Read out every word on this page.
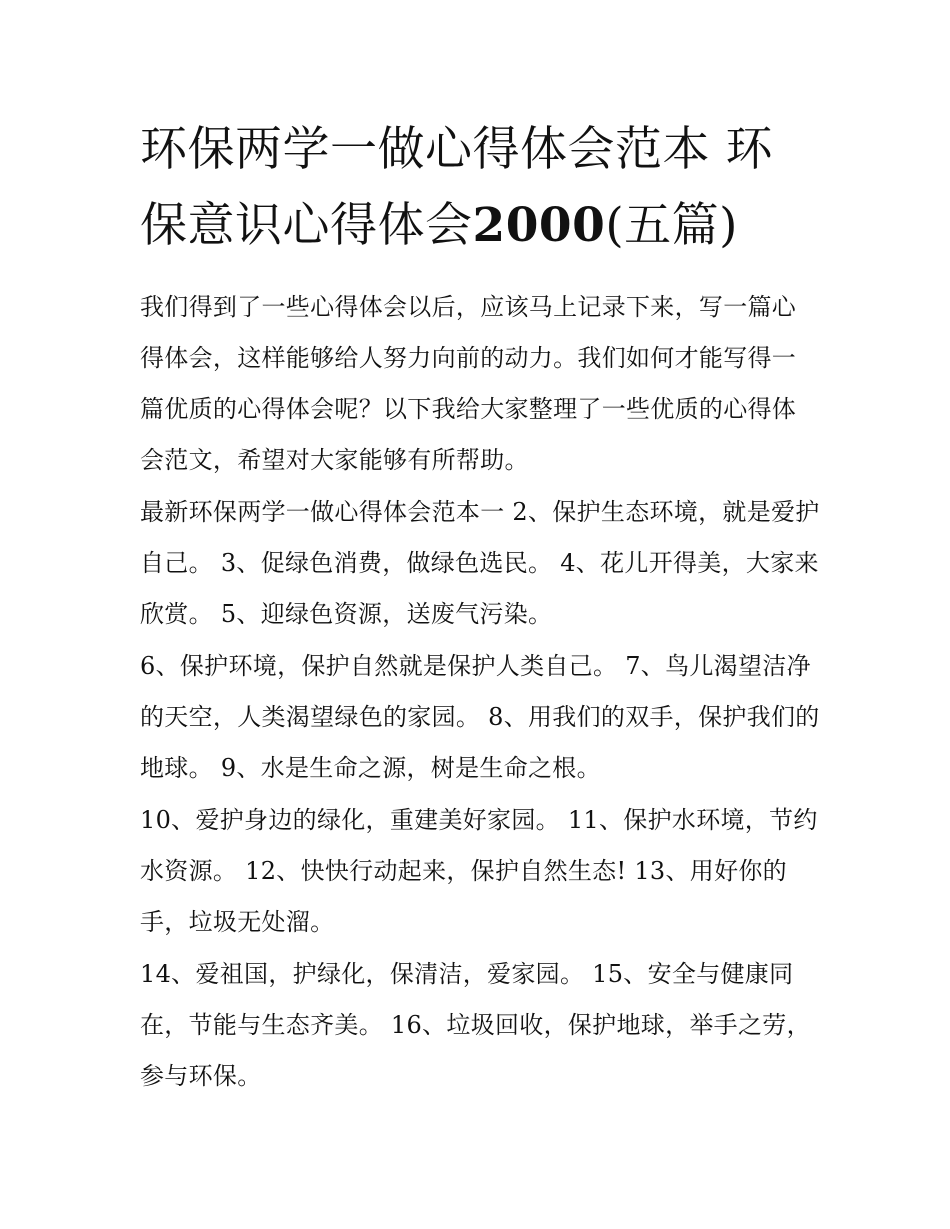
环保两学一做心得体会范本 环保意识心得体会2000(五篇)

我们得到了一些心得体会以后，应该马上记录下来，写一篇心得体会，这样能够给人努力向前的动力。我们如何才能写得一篇优质的心得体会呢？以下我给大家整理了一些优质的心得体会范文，希望对大家能够有所帮助。

最新环保两学一做心得体会范本一 2、保护生态环境，就是爱护自己。 3、促绿色消费，做绿色选民。 4、花儿开得美，大家来欣赏。 5、迎绿色资源，送废气污染。

6、保护环境，保护自然就是保护人类自己。 7、鸟儿渴望洁净的天空，人类渴望绿色的家园。 8、用我们的双手，保护我们的地球。 9、水是生命之源，树是生命之根。

10、爱护身边的绿化，重建美好家园。 11、保护水环境，节约水资源。 12、快快行动起来，保护自然生态! 13、用好你的手，垃圾无处溜。

14、爱祖国，护绿化，保清洁，爱家园。 15、安全与健康同在，节能与生态齐美。 16、垃圾回收，保护地球，举手之劳，参与环保。
